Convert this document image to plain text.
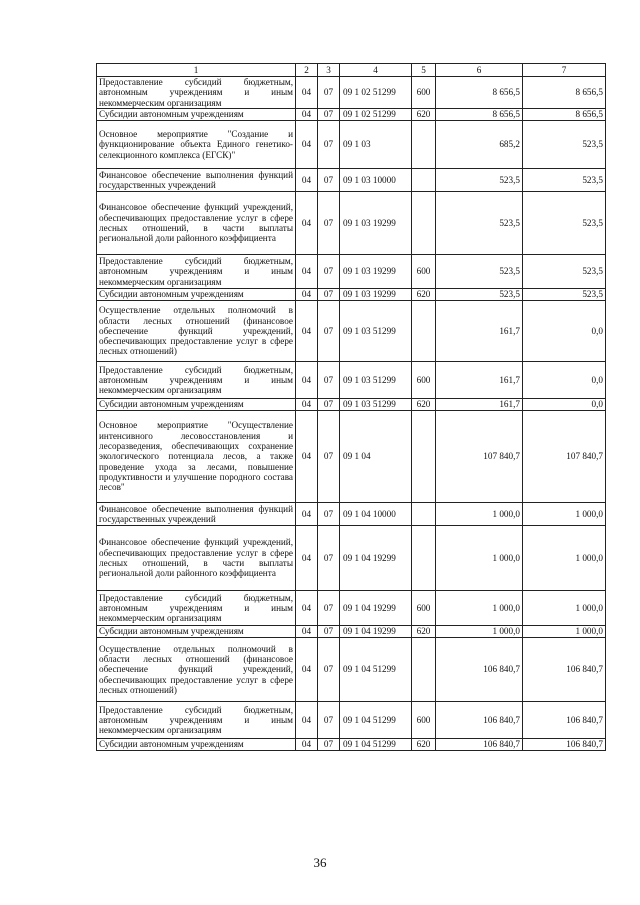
1	2	3	4	5	6	7
Предоставление субсидий бюджетным, автономным учреждениям и иным некоммерческим организациям	04	07	09 1 02 51299	600	8 656,5	8 656,5
Субсидии автономным учреждениям	04	07	09 1 02 51299	620	8 656,5	8 656,5
Основное мероприятие "Создание и функционирование объекта Единого генетико-селекционного комплекса (ЕГСК)"	04	07	09 1 03		685,2	523,5
Финансовое обеспечение выполнения функций государственных учреждений	04	07	09 1 03 10000		523,5	523,5
Финансовое обеспечение функций учреждений, обеспечивающих предоставление услуг в сфере лесных отношений, в части выплаты региональной доли районного коэффициента	04	07	09 1 03 19299		523,5	523,5
Предоставление субсидий бюджетным, автономным учреждениям и иным некоммерческим организациям	04	07	09 1 03 19299	600	523,5	523,5
Субсидии автономным учреждениям	04	07	09 1 03 19299	620	523,5	523,5
Осуществление отдельных полномочий в области лесных отношений (финансовое обеспечение функций учреждений, обеспечивающих предоставление услуг в сфере лесных отношений)	04	07	09 1 03 51299		161,7	0,0
Предоставление субсидий бюджетным, автономным учреждениям и иным некоммерческим организациям	04	07	09 1 03 51299	600	161,7	0,0
Субсидии автономным учреждениям	04	07	09 1 03 51299	620	161,7	0,0
Основное мероприятие "Осуществление интенсивного лесовосстановления и лесоразведения, обеспечивающих сохранение экологического потенциала лесов, а также проведение ухода за лесами, повышение продуктивности и улучшение породного состава лесов"	04	07	09 1 04		107 840,7	107 840,7
Финансовое обеспечение выполнения функций государственных учреждений	04	07	09 1 04 10000		1 000,0	1 000,0
Финансовое обеспечение функций учреждений, обеспечивающих предоставление услуг в сфере лесных отношений, в части выплаты региональной доли районного коэффициента	04	07	09 1 04 19299		1 000,0	1 000,0
Предоставление субсидий бюджетным, автономным учреждениям и иным некоммерческим организациям	04	07	09 1 04 19299	600	1 000,0	1 000,0
Субсидии автономным учреждениям	04	07	09 1 04 19299	620	1 000,0	1 000,0
Осуществление отдельных полномочий в области лесных отношений (финансовое обеспечение функций учреждений, обеспечивающих предоставление услуг в сфере лесных отношений)	04	07	09 1 04 51299		106 840,7	106 840,7
Предоставление субсидий бюджетным, автономным учреждениям и иным некоммерческим организациям	04	07	09 1 04 51299	600	106 840,7	106 840,7
Субсидии автономным учреждениям	04	07	09 1 04 51299	620	106 840,7	106 840,7
36
